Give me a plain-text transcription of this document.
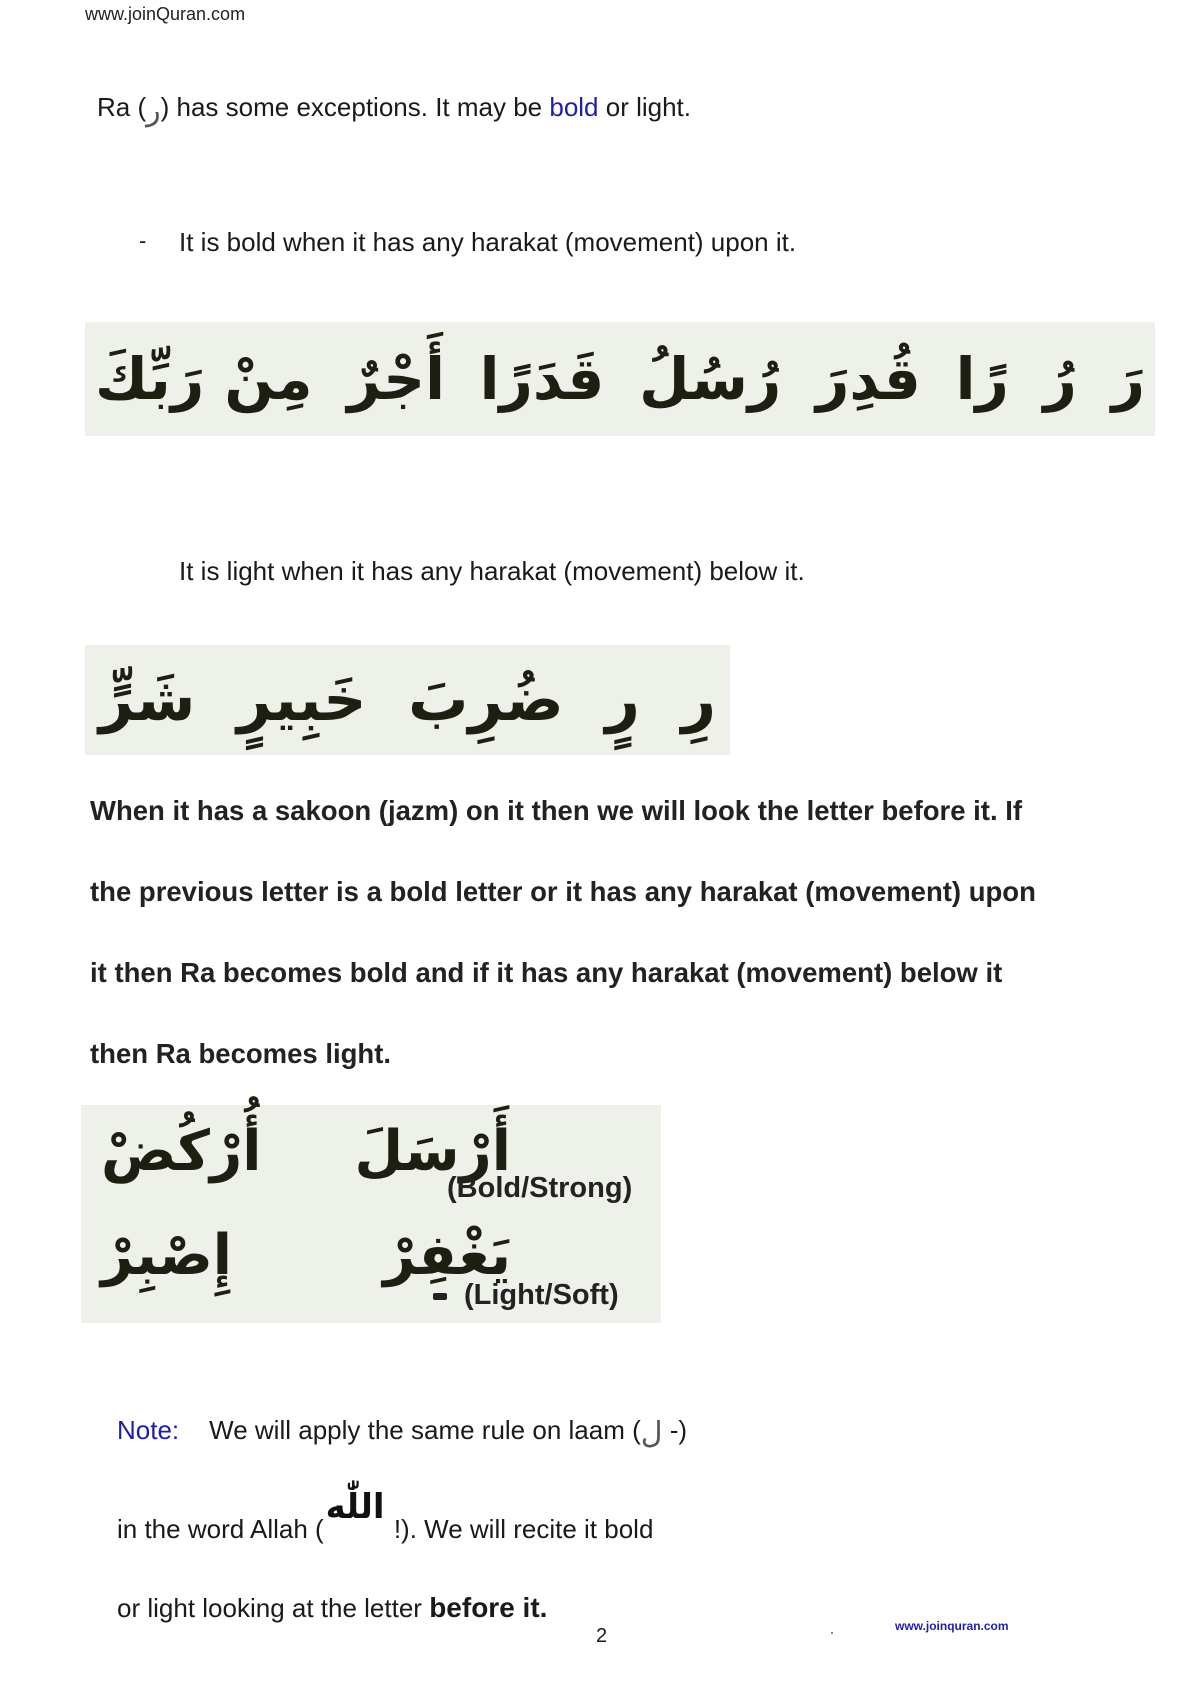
www.joinQuran.com
Ra (ر) has some exceptions. It may be bold or light.
- It is bold when it has any harakat (movement) upon it.
رَ
رُ
رًا
قُدِرَ
رُسُلُ
قَدَرًا
أَجْرٌ
مِنْ رَبِّكَ
It is light when it has any harakat (movement) below it.
رِ
رٍ
ضُرِبَ
خَبِيرٍ
شَرٍّ
When it has a sakoon (jazm) on it then we will look the letter before it. If
the previous letter is a bold letter or it has any harakat (movement) upon
it then Ra becomes bold and if it has any harakat (movement) below it
then Ra becomes light.
أَرْسَلَ
أُرْكُضْ
(Bold/Strong)
يَغْفِرْ
إِصْبِرْ
(Light/Soft)
Note: We will apply the same rule on laam (ل -)
in the word Allah (اللّٰه !). We will recite it bold
or light looking at the letter before it.
2	www.joinquran.com
